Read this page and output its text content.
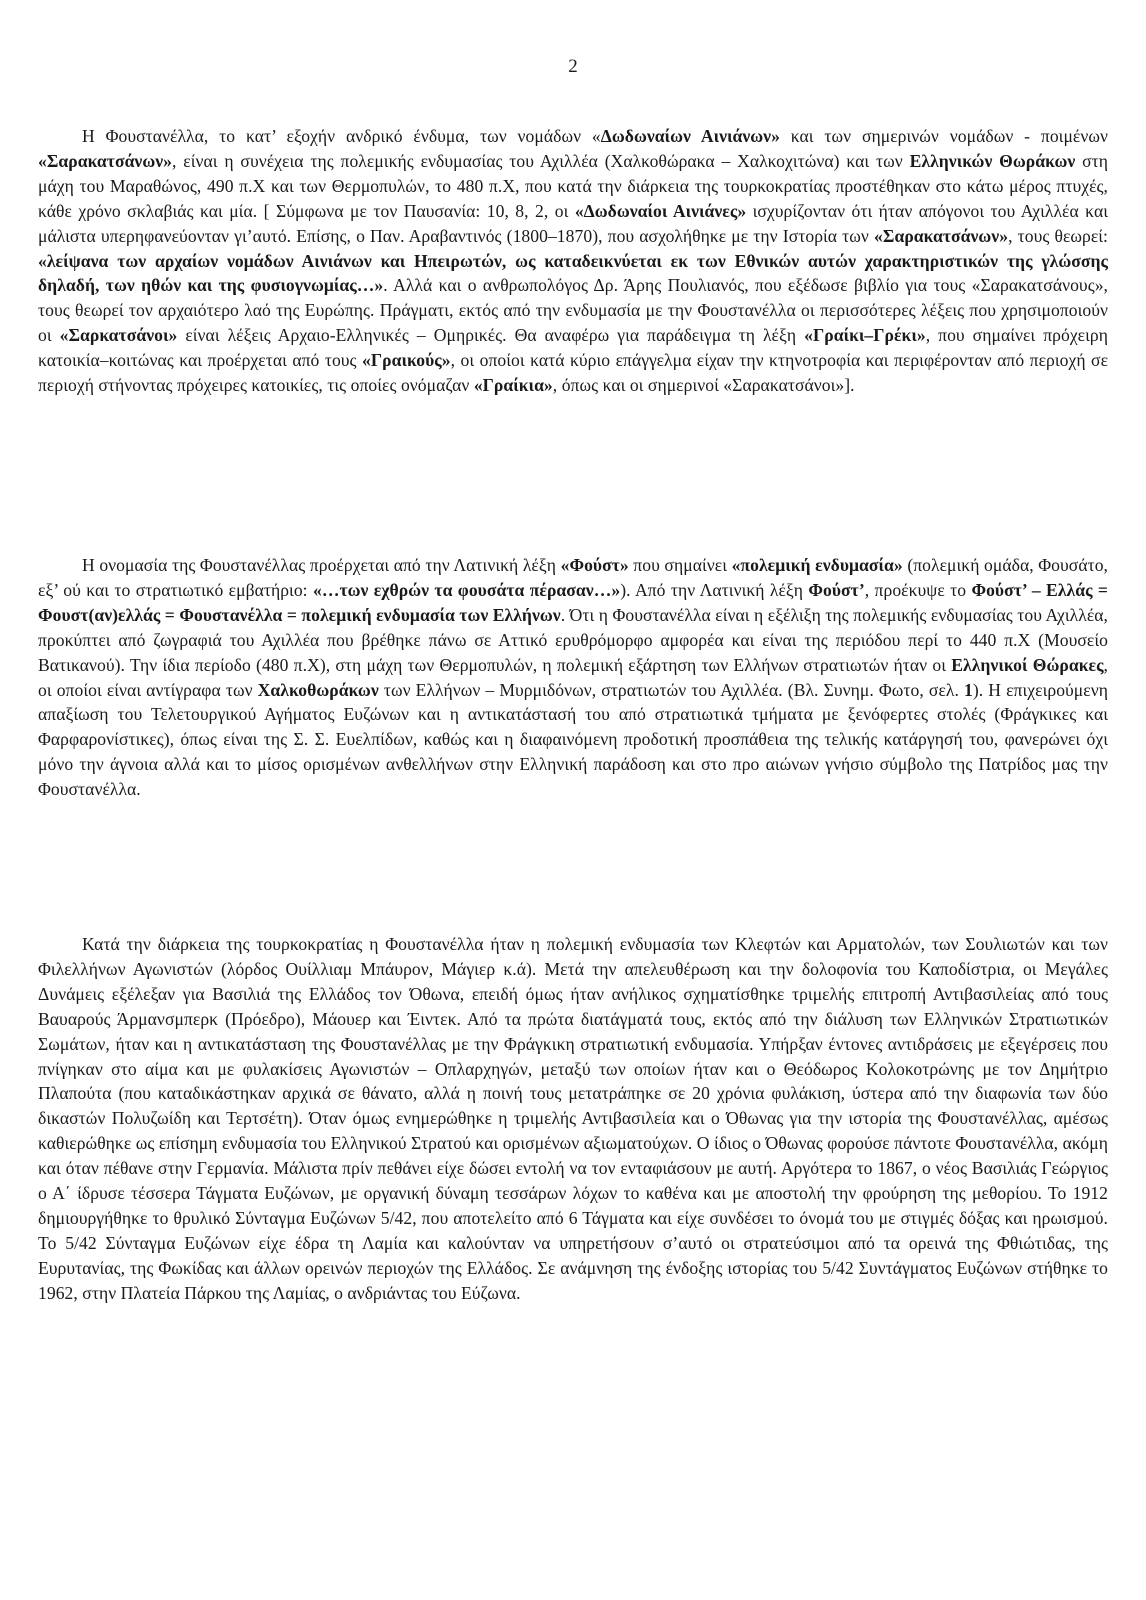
2

Η Φουστανέλλα, το κατ’ εξοχήν ανδρικό ένδυμα, των νομάδων «Δωδωναίων Αινιάνων» και των σημερινών νομάδων - ποιμένων «Σαρακατσάνων», είναι η συνέχεια της πολεμικής ενδυμασίας του Αχιλλέα (Χαλκοθώρακα – Χαλκοχιτώνα) και των Ελληνικών Θωράκων στη μάχη του Μαραθώνος, 490 π.Χ και των Θερμοπυλών, το 480 π.Χ, που κατά την διάρκεια της τουρκοκρατίας προστέθηκαν στο κάτω μέρος πτυχές, κάθε χρόνο σκλαβιάς και μία. [ Σύμφωνα με τον Παυσανία: 10, 8, 2, οι «Δωδωναίοι Αινιάνες» ισχυρίζονταν ότι ήταν απόγονοι του Αχιλλέα και μάλιστα υπερηφανεύονταν γι’αυτό. Επίσης, ο Παν. Αραβαντινός (1800–1870), που ασχολήθηκε με την Ιστορία των «Σαρακατσάνων», τους θεωρεί: «λείψανα των αρχαίων νομάδων Αινιάνων και Ηπειρωτών, ως καταδεικνύεται εκ των Εθνικών αυτών χαρακτηριστικών της γλώσσης δηλαδή, των ηθών και της φυσιογνωμίας…». Αλλά και ο ανθρωπολόγος Δρ. Άρης Πουλιανός, που εξέδωσε βιβλίο για τους «Σαρακατσάνους», τους θεωρεί τον αρχαιότερο λαό της Ευρώπης. Πράγματι, εκτός από την ενδυμασία με την Φουστανέλλα οι περισσότερες λέξεις που χρησιμοποιούν οι «Σαρκατσάνοι» είναι λέξεις Αρχαιο-Ελληνικές – Ομηρικές. Θα αναφέρω για παράδειγμα τη λέξη «Γραίκι–Γρέκι», που σημαίνει πρόχειρη κατοικία–κοιτώνας και προέρχεται από τους «Γραικούς», οι οποίοι κατά κύριο επάγγελμα είχαν την κτηνοτροφία και περιφέρονταν από περιοχή σε περιοχή στήνοντας πρόχειρες κατοικίες, τις οποίες ονόμαζαν «Γραίκια», όπως και οι σημερινοί «Σαρακατσάνοι»].

Η ονομασία της Φουστανέλλας προέρχεται από την Λατινική λέξη «Φούστ» που σημαίνει «πολεμική ενδυμασία» (πολεμική ομάδα, Φουσάτο, εξ’ ού και το στρατιωτικό εμβατήριο: «…των εχθρών τα φουσάτα πέρασαν…»). Από την Λατινική λέξη Φούστ’, προέκυψε το Φούστ’ – Ελλάς = Φουστ(αν)ελλάς = Φουστανέλλα = πολεμική ενδυμασία των Ελλήνων. Ότι η Φουστανέλλα είναι η εξέλιξη της πολεμικής ενδυμασίας του Αχιλλέα, προκύπτει από ζωγραφιά του Αχιλλέα που βρέθηκε πάνω σε Αττικό ερυθρόμορφο αμφορέα και είναι της περιόδου περί το 440 π.Χ (Μουσείο Βατικανού). Την ίδια περίοδο (480 π.Χ), στη μάχη των Θερμοπυλών, η πολεμική εξάρτηση των Ελλήνων στρατιωτών ήταν οι Ελληνικοί Θώρακες, οι οποίοι είναι αντίγραφα των Χαλκοθωράκων των Ελλήνων – Μυρμιδόνων, στρατιωτών του Αχιλλέα. (Βλ. Συνημ. Φωτο, σελ. 1). Η επιχειρούμενη απαξίωση του Τελετουργικού Αγήματος Ευζώνων και η αντικατάστασή του από στρατιωτικά τμήματα με ξενόφερτες στολές (Φράγκικες και Φαρφαρονίστικες), όπως είναι της Σ. Σ. Ευελπίδων, καθώς και η διαφαινόμενη προδοτική προσπάθεια της τελικής κατάργησή του, φανερώνει όχι μόνο την άγνοια αλλά και το μίσος ορισμένων ανθελλήνων στην Ελληνική παράδοση και στο προ αιώνων γνήσιο σύμβολο της Πατρίδος μας την Φουστανέλλα.

Κατά την διάρκεια της τουρκοκρατίας η Φουστανέλλα ήταν η πολεμική ενδυμασία των Κλεφτών και Αρματολών, των Σουλιωτών και των Φιλελλήνων Αγωνιστών (λόρδος Ουίλλιαμ Μπάυρον, Μάγιερ κ.ά). Μετά την απελευθέρωση και την δολοφονία του Καποδίστρια, οι Μεγάλες Δυνάμεις εξέλεξαν για Βασιλιά της Ελλάδος τον Όθωνα, επειδή όμως ήταν ανήλικος σχηματίσθηκε τριμελής επιτροπή Αντιβασιλείας από τους Βαυαρούς Άρμανσμπερκ (Πρόεδρο), Μάουερ και Έιντεκ. Από τα πρώτα διατάγματά τους, εκτός από την διάλυση των Ελληνικών Στρατιωτικών Σωμάτων, ήταν και η αντικατάσταση της Φουστανέλλας με την Φράγκικη στρατιωτική ενδυμασία. Υπήρξαν έντονες αντιδράσεις με εξεγέρσεις που πνίγηκαν στο αίμα και με φυλακίσεις Αγωνιστών – Οπλαρχηγών, μεταξύ των οποίων ήταν και ο Θεόδωρος Κολοκοτρώνης με τον Δημήτριο Πλαπούτα (που καταδικάστηκαν αρχικά σε θάνατο, αλλά η ποινή τους μετατράπηκε σε 20 χρόνια φυλάκιση, ύστερα από την διαφωνία των δύο δικαστών Πολυζωίδη και Τερτσέτη). Όταν όμως ενημερώθηκε η τριμελής Αντιβασιλεία και ο Όθωνας για την ιστορία της Φουστανέλλας, αμέσως καθιερώθηκε ως επίσημη ενδυμασία του Ελληνικού Στρατού και ορισμένων αξιωματούχων. Ο ίδιος ο Όθωνας φορούσε πάντοτε Φουστανέλλα, ακόμη και όταν πέθανε στην Γερμανία. Μάλιστα πρίν πεθάνει είχε δώσει εντολή να τον ενταφιάσουν με αυτή. Αργότερα το 1867, ο νέος Βασιλιάς Γεώργιος ο Α΄ ίδρυσε τέσσερα Τάγματα Ευζώνων, με οργανική δύναμη τεσσάρων λόχων το καθένα και με αποστολή την φρούρηση της μεθορίου. Το 1912 δημιουργήθηκε το θρυλικό Σύνταγμα Ευζώνων 5/42, που αποτελείτο από 6 Τάγματα και είχε συνδέσει το όνομά του με στιγμές δόξας και ηρωισμού. Το 5/42 Σύνταγμα Ευζώνων είχε έδρα τη Λαμία και καλούνταν να υπηρετήσουν σ’αυτό οι στρατεύσιμοι από τα ορεινά της Φθιώτιδας, της Ευρυτανίας, της Φωκίδας και άλλων ορεινών περιοχών της Ελλάδος. Σε ανάμνηση της ένδοξης ιστορίας του 5/42 Συντάγματος Ευζώνων στήθηκε το 1962, στην Πλατεία Πάρκου της Λαμίας, ο ανδριάντας του Εύζωνα.
